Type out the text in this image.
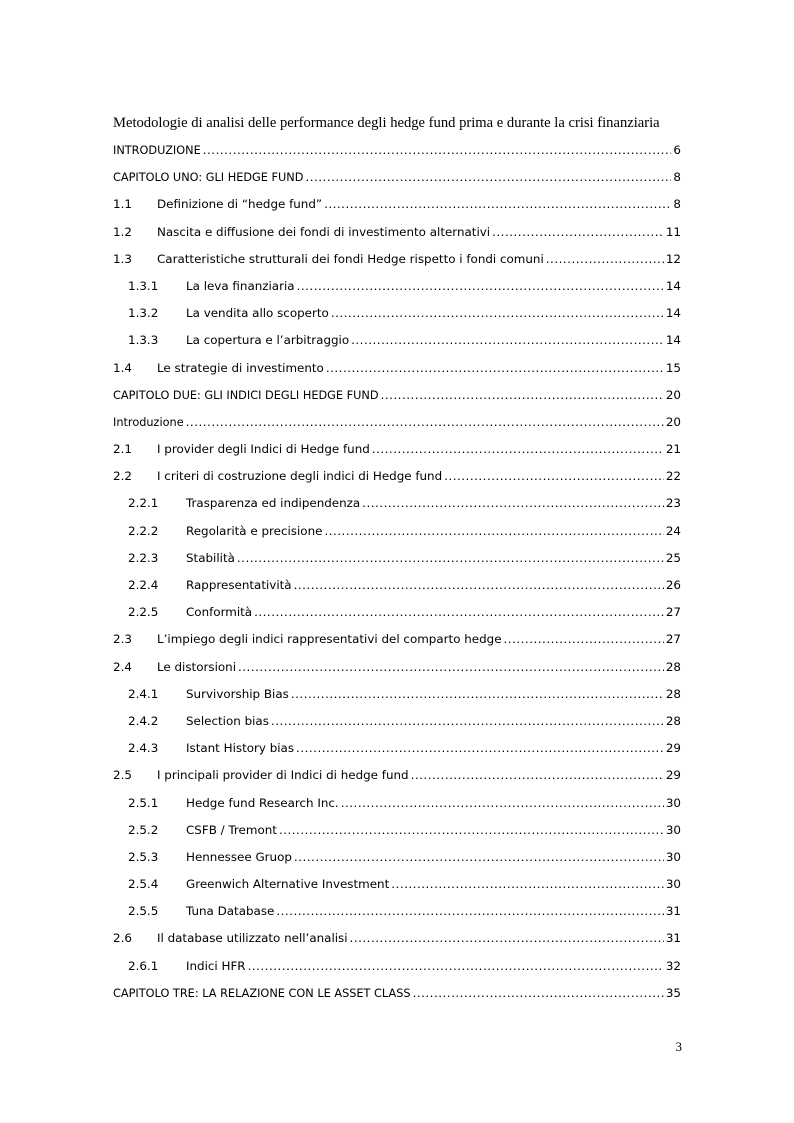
Metodologie di analisi delle performance degli hedge fund prima e durante la crisi finanziaria
INTRODUZIONE .....	6
CAPITOLO UNO: GLI HEDGE FUND .....	8
1.1	Definizione di “hedge fund” .....	8
1.2	Nascita e diffusione dei fondi di investimento alternativi .....	11
1.3	Caratteristiche strutturali dei fondi Hedge rispetto i fondi comuni .....	12
1.3.1	La leva finanziaria .....	14
1.3.2	La vendita allo scoperto .....	14
1.3.3	La copertura e l’arbitraggio .....	14
1.4	Le strategie di investimento .....	15
CAPITOLO DUE: GLI INDICI DEGLI HEDGE FUND .....	20
Introduzione .....	20
2.1	I provider degli Indici di Hedge fund .....	21
2.2	I criteri di costruzione degli indici di Hedge fund .....	22
2.2.1	Trasparenza ed indipendenza .....	23
2.2.2	Regolarità e precisione .....	24
2.2.3	Stabilità .....	25
2.2.4	Rappresentatività .....	26
2.2.5	Conformità .....	27
2.3	L’impiego degli indici rappresentativi del comparto hedge .....	27
2.4	Le distorsioni .....	28
2.4.1	Survivorship Bias .....	28
2.4.2	Selection bias .....	28
2.4.3	Istant History bias .....	29
2.5	I principali provider di Indici di hedge fund .....	29
2.5.1	Hedge fund Research Inc. .....	30
2.5.2	CSFB / Tremont .....	30
2.5.3	Hennessee Gruop .....	30
2.5.4	Greenwich Alternative Investment .....	30
2.5.5	Tuna Database .....	31
2.6	Il database utilizzato nell’analisi .....	31
2.6.1	Indici HFR .....	32
CAPITOLO TRE: LA RELAZIONE CON LE ASSET CLASS .....	35
3
